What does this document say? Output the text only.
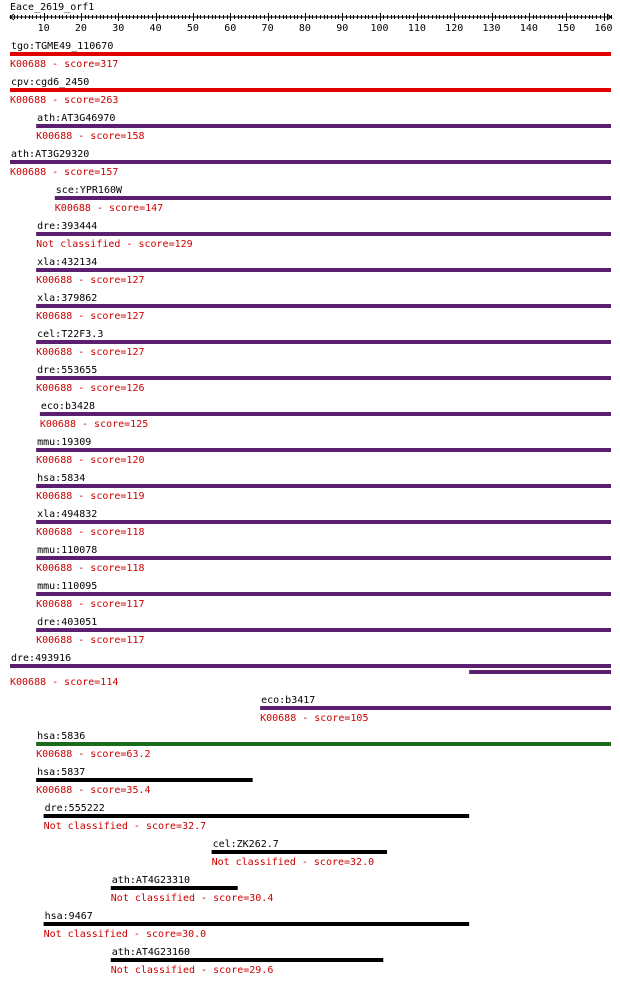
Eace_2619_orf1
10	20	30	40	50	60	70	80	90 100 110 120 130 140 150 160
tgo:TGME49_110670
K00688 - score=317
cpv:cgd6_2450
K00688 - score=263
ath:AT3G46970
K00688 - score=158
ath:AT3G29320
K00688 - score=157
sce:YPR160W
K00688 - score=147
dre:393444
Not classified - score=129
xla:432134
K00688 - score=127
xla:379862
K00688 - score=127
cel:T22F3.3
K00688 - score=127
dre:553655
K00688 - score=126
eco:b3428
K00688 - score=125
mmu:19309
K00688 - score=120
hsa:5834
K00688 - score=119
xla:494832
K00688 - score=118
mmu:110078
K00688 - score=118
mmu:110095
K00688 - score=117
dre:403051
K00688 - score=117
dre:493916
K00688 - score=114
eco:b3417
K00688 - score=105
hsa:5836
K00688 - score=63.2
hsa:5837
K00688 - score=35.4
dre:555222
Not classified - score=32.7
cel:ZK262.7
Not classified - score=32.0
ath:AT4G23310
Not classified - score=30.4
hsa:9467
Not classified - score=30.0
ath:AT4G23160
Not classified - score=29.6
